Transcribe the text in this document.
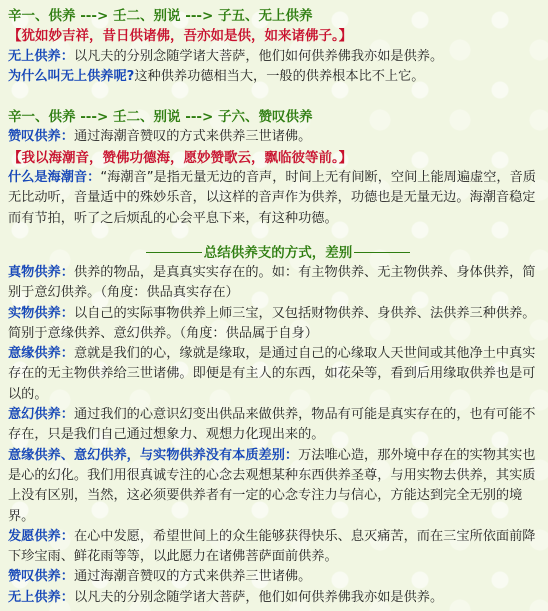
辛一、供养 ---> 壬二、别说 ---> 子五、无上供养
【犹如妙吉祥，昔日供诸佛，吾亦如是供，如来诸佛子。】
无上供养：以凡夫的分别念随学诸大菩萨，他们如何供养佛我亦如是供养。
为什么叫无上供养呢?这种供养功德相当大，一般的供养根本比不上它。
辛一、供养 ---> 壬二、别说 ---> 子六、赞叹供养
赞叹供养：通过海潮音赞叹的方式来供养三世诸佛。
【我以海潮音，赞佛功德海，愿妙赞歌云，飘临彼等前。】
什么是海潮音：“海潮音”是指无量无边的音声，时间上无有间断，空间上能周遍虚空，音质无比动听，音量适中的殊妙乐音，以这样的音声作为供养，功德也是无量无边。海潮音稳定而有节拍，听了之后烦乱的心会平息下来，有这种功德。
总结供养支的方式，差别
真物供养：供养的物品，是真真实实存在的。如：有主物供养、无主物供养、身体供养，简别于意幻供养。（角度：供品真实存在）
实物供养：以自己的实际事物供养上师三宝，又包括财物供养、身供养、法供养三种供养。 简别于意缘供养、意幻供养。（角度：供品属于自身）
意缘供养：意就是我们的心，缘就是缘取，是通过自己的心缘取人天世间或其他净土中真实存在的无主物供养给三世诸佛。即便是有主人的东西，如花朵等，看到后用缘取供养也是可以的。
意幻供养：通过我们的心意识幻变出供品来做供养，物品有可能是真实存在的，也有可能不存在，只是我们自己通过想象力、观想力化现出来的。
意缘供养、意幻供养，与实物供养没有本质差别：万法唯心造，那外境中存在的实物其实也是心的幻化。我们用很真诚专注的心念去观想某种东西供养圣尊，与用实物去供养，其实质上没有区别，当然，这必须要供养者有一定的心念专注力与信心，方能达到完全无别的境界。
发愿供养：在心中发愿，希望世间上的众生能够获得快乐、息灭痛苦，而在三宝所依面前降下珍宝雨、鲜花雨等等，以此愿力在诸佛菩萨面前供养。
赞叹供养：通过海潮音赞叹的方式来供养三世诸佛。
无上供养：以凡夫的分别念随学诸大菩萨，他们如何供养佛我亦如是供养。
